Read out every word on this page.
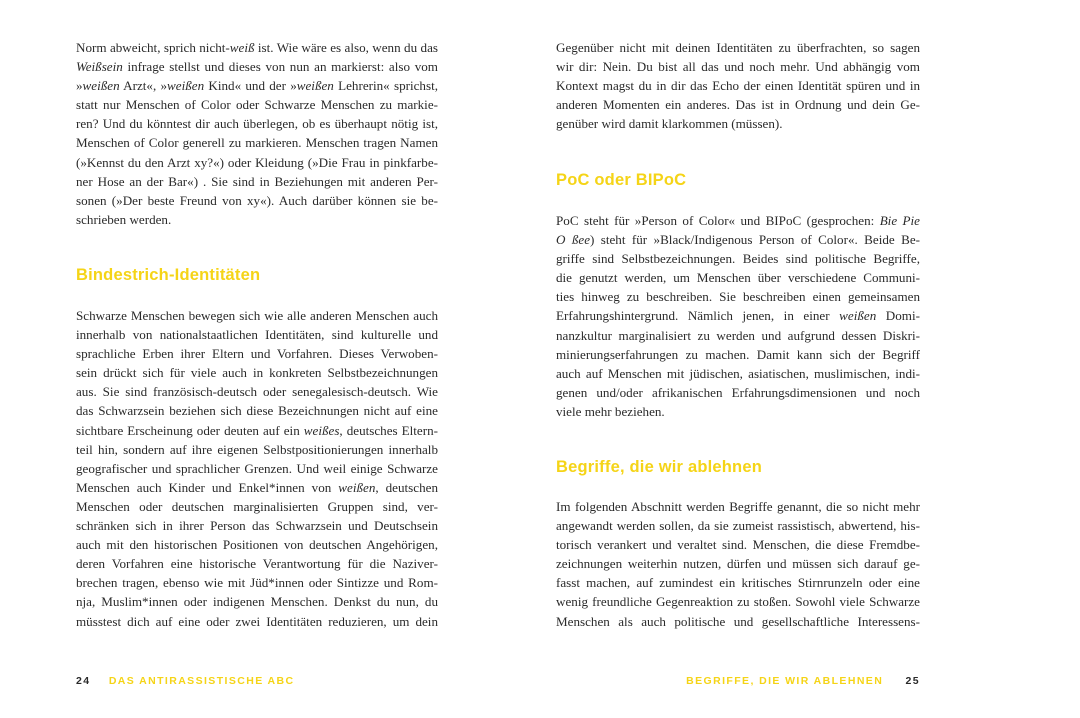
Norm abweicht, sprich nicht-weiß ist. Wie wäre es also, wenn du das
Weißsein infrage stellst und dieses von nun an markierst: also vom
»weißen Arzt«, »weißen Kind« und der »weißen Lehrerin« sprichst,
statt nur Menschen of Color oder Schwarze Menschen zu markie-
ren? Und du könntest dir auch überlegen, ob es überhaupt nötig ist,
Menschen of Color generell zu markieren. Menschen tragen Namen
(»Kennst du den Arzt xy?«) oder Kleidung (»Die Frau in pinkfarbe-
ner Hose an der Bar«) . Sie sind in Beziehungen mit anderen Per-
sonen (»Der beste Freund von xy«). Auch darüber können sie be-
schrieben werden.
Bindestrich-Identitäten
Schwarze Menschen bewegen sich wie alle anderen Menschen auch
innerhalb von nationalstaatlichen Identitäten, sind kulturelle und
sprachliche Erben ihrer Eltern und Vorfahren. Dieses Verwoben-
sein drückt sich für viele auch in konkreten Selbstbezeichnungen
aus. Sie sind französisch-deutsch oder senegalesisch-deutsch. Wie
das Schwarzsein beziehen sich diese Bezeichnungen nicht auf eine
sichtbare Erscheinung oder deuten auf ein weißes, deutsches Eltern-
teil hin, sondern auf ihre eigenen Selbstpositionierungen innerhalb
geografischer und sprachlicher Grenzen. Und weil einige Schwarze
Menschen auch Kinder und Enkel*innen von weißen, deutschen
Menschen oder deutschen marginalisierten Gruppen sind, ver-
schränken sich in ihrer Person das Schwarzsein und Deutschsein
auch mit den historischen Positionen von deutschen Angehörigen,
deren Vorfahren eine historische Verantwortung für die Naziver-
brechen tragen, ebenso wie mit Jüd*innen oder Sintizze und Rom-
nja, Muslim*innen oder indigenen Menschen. Denkst du nun, du
müsstest dich auf eine oder zwei Identitäten reduzieren, um dein
Gegenüber nicht mit deinen Identitäten zu überfrachten, so sagen
wir dir: Nein. Du bist all das und noch mehr. Und abhängig vom
Kontext magst du in dir das Echo der einen Identität spüren und in
anderen Momenten ein anderes. Das ist in Ordnung und dein Ge-
genüber wird damit klarkommen (müssen).
PoC oder BIPoC
PoC steht für »Person of Color« und BIPoC (gesprochen: Bie Pie
O ßee) steht für »Black/Indigenous Person of Color«. Beide Be-
griffe sind Selbstbezeichnungen. Beides sind politische Begriffe,
die genutzt werden, um Menschen über verschiedene Communi-
ties hinweg zu beschreiben. Sie beschreiben einen gemeinsamen
Erfahrungshintergrund. Nämlich jenen, in einer weißen Domi-
nanzkultur marginalisiert zu werden und aufgrund dessen Diskri-
minierungserfahrungen zu machen. Damit kann sich der Begriff
auch auf Menschen mit jüdischen, asiatischen, muslimischen, indi-
genen und/oder afrikanischen Erfahrungsdimensionen und noch
viele mehr beziehen.
Begriffe, die wir ablehnen
Im folgenden Abschnitt werden Begriffe genannt, die so nicht mehr
angewandt werden sollen, da sie zumeist rassistisch, abwertend, his-
torisch verankert und veraltet sind. Menschen, die diese Fremdbe-
zeichnungen weiterhin nutzen, dürfen und müssen sich darauf ge-
fasst machen, auf zumindest ein kritisches Stirnrunzeln oder eine
wenig freundliche Gegenreaktion zu stoßen. Sowohl viele Schwarze
Menschen als auch politische und gesellschaftliche Interessens-
24 DAS ANTIRASSISTISCHE ABC	BEGRIFFE, DIE WIR ABLEHNEN 25
